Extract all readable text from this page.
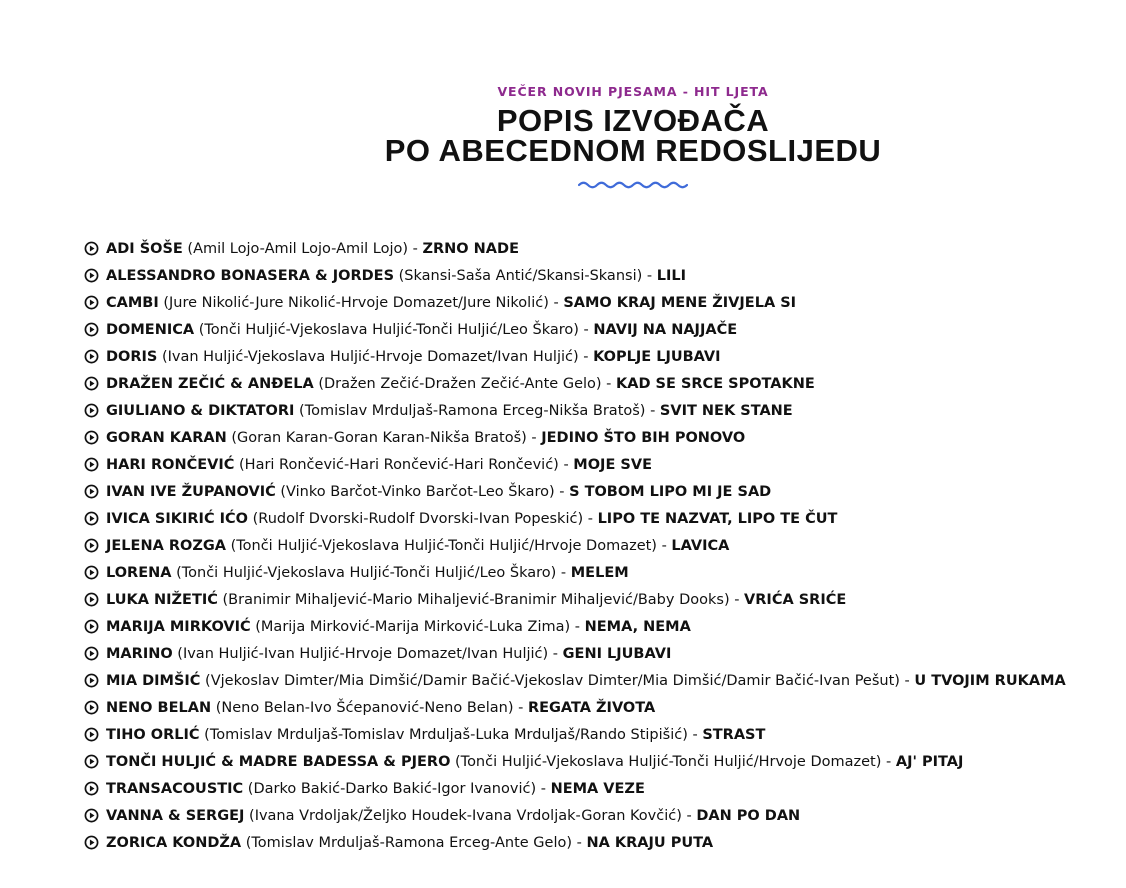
VEČER NOVIH PJESAMA - HIT LJETA
POPIS IZVOĐAČA
PO ABECEDNOM REDOSLIJEDU
ADI ŠOŠE (Amil Lojo-Amil Lojo-Amil Lojo) - ZRNO NADE
ALESSANDRO BONASERA & JORDES (Skansi-Saša Antić/Skansi-Skansi) - LILI
CAMBI (Jure Nikolić-Jure Nikolić-Hrvoje Domazet/Jure Nikolić) - SAMO KRAJ MENE ŽIVJELA SI
DOMENICA (Tonči Huljić-Vjekoslava Huljić-Tonči Huljić/Leo Škaro) - NAVIJ NA NAJJAČE
DORIS (Ivan Huljić-Vjekoslava Huljić-Hrvoje Domazet/Ivan Huljić) - KOPLJE LJUBAVI
DRAŽEN ZEČIĆ & ANĐELA (Dražen Zečić-Dražen Zečić-Ante Gelo) - KAD SE SRCE SPOTAKNE
GIULIANO & DIKTATORI (Tomislav Mrduljaš-Ramona Erceg-Nikša Bratoš) - SVIT NEK STANE
GORAN KARAN (Goran Karan-Goran Karan-Nikša Bratoš) - JEDINO ŠTO BIH PONOVO
HARI RONČEVIĆ (Hari Rončević-Hari Rončević-Hari Rončević) - MOJE SVE
IVAN IVE ŽUPANOVIĆ (Vinko Barčot-Vinko Barčot-Leo Škaro) - S TOBOM LIPO MI JE SAD
IVICA SIKIRIĆ IĆO (Rudolf Dvorski-Rudolf Dvorski-Ivan Popeskić) - LIPO TE NAZVAT, LIPO TE ČUT
JELENA ROZGA (Tonči Huljić-Vjekoslava Huljić-Tonči Huljić/Hrvoje Domazet) - LAVICA
LORENA (Tonči Huljić-Vjekoslava Huljić-Tonči Huljić/Leo Škaro) - MELEM
LUKA NIŽETIĆ (Branimir Mihaljević-Mario Mihaljević-Branimir Mihaljević/Baby Dooks) - VRIĆA SRIĆE
MARIJA MIRKOVIĆ (Marija Mirković-Marija Mirković-Luka Zima) - NEMA, NEMA
MARINO (Ivan Huljić-Ivan Huljić-Hrvoje Domazet/Ivan Huljić) - GENI LJUBAVI
MIA DIMŠIĆ (Vjekoslav Dimter/Mia Dimšić/Damir Bačić-Vjekoslav Dimter/Mia Dimšić/Damir Bačić-Ivan Pešut) - U TVOJIM RUKAMA
NENO BELAN (Neno Belan-Ivo Šćepanović-Neno Belan) - REGATA ŽIVOTA
TIHO ORLIĆ (Tomislav Mrduljaš-Tomislav Mrduljaš-Luka Mrduljaš/Rando Stipišić) - STRAST
TONČI HULJIĆ & MADRE BADESSA & PJERO (Tonči Huljić-Vjekoslava Huljić-Tonči Huljić/Hrvoje Domazet) - AJ' PITAJ
TRANSACOUSTIC (Darko Bakić-Darko Bakić-Igor Ivanović) - NEMA VEZE
VANNA & SERGEJ (Ivana Vrdoljak/Željko Houdek-Ivana Vrdoljak-Goran Kovčić) - DAN PO DAN
ZORICA KONDŽA (Tomislav Mrduljaš-Ramona Erceg-Ante Gelo) - NA KRAJU PUTA
